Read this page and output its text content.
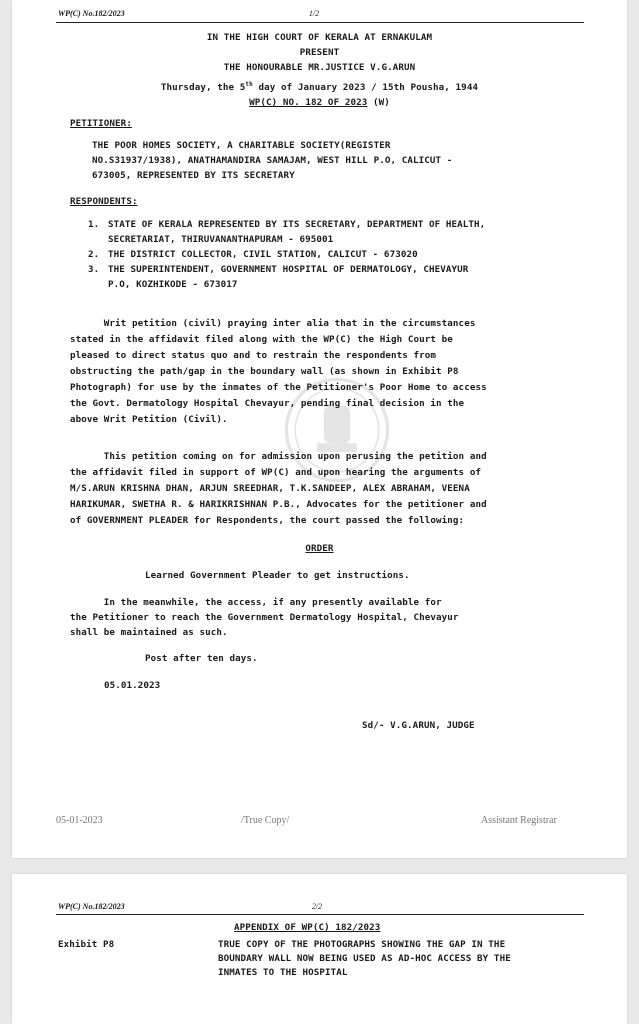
WP(C) No.182/2023	1/2
IN THE HIGH COURT OF KERALA AT ERNAKULAM
PRESENT
THE HONOURABLE MR.JUSTICE V.G.ARUN
Thursday, the 5th day of January 2023 / 15th Pousha, 1944
WP(C) NO. 182 OF 2023 (W)
PETITIONER:
THE POOR HOMES SOCIETY, A CHARITABLE SOCIETY(REGISTER
NO.S31937/1938), ANATHAMANDIRA SAMAJAM, WEST HILL P.O, CALICUT -
673005, REPRESENTED BY ITS SECRETARY
RESPONDENTS:
1. STATE OF KERALA REPRESENTED BY ITS SECRETARY, DEPARTMENT OF HEALTH,
SECRETARIAT, THIRUVANANTHAPURAM - 695001
2. THE DISTRICT COLLECTOR, CIVIL STATION, CALICUT - 673020
3. THE SUPERINTENDENT, GOVERNMENT HOSPITAL OF DERMATOLOGY, CHEVAYUR
P.O, KOZHIKODE - 673017
Writ petition (civil) praying inter alia that in the circumstances
stated in the affidavit filed along with the WP(C) the High Court be
pleased to direct status quo and to restrain the respondents from
obstructing the path/gap in the boundary wall (as shown in Exhibit P8
Photograph) for use by the inmates of the Petitioner's Poor Home to access
the Govt. Dermatology Hospital Chevayur, pending final decision in the
above Writ Petition (Civil).
This petition coming on for admission upon perusing the petition and
the affidavit filed in support of WP(C) and upon hearing the arguments of
M/S.ARUN KRISHNA DHAN, ARJUN SREEDHAR, T.K.SANDEEP, ALEX ABRAHAM, VEENA
HARIKUMAR, SWETHA R. & HARIKRISHNAN P.B., Advocates for the petitioner and
of GOVERNMENT PLEADER for Respondents, the court passed the following:
ORDER
Learned Government Pleader to get instructions.
In the meanwhile, the access, if any presently available for
the Petitioner to reach the Government Dermatology Hospital, Chevayur
shall be maintained as such.
Post after ten days.
05.01.2023
Sd/- V.G.ARUN, JUDGE
05-01-2023	/True Copy/	Assistant Registrar
WP(C) No.182/2023	2/2
APPENDIX OF WP(C) 182/2023
Exhibit P8	TRUE COPY OF THE PHOTOGRAPHS SHOWING THE GAP IN THE
BOUNDARY WALL NOW BEING USED AS AD-HOC ACCESS BY THE
INMATES TO THE HOSPITAL
